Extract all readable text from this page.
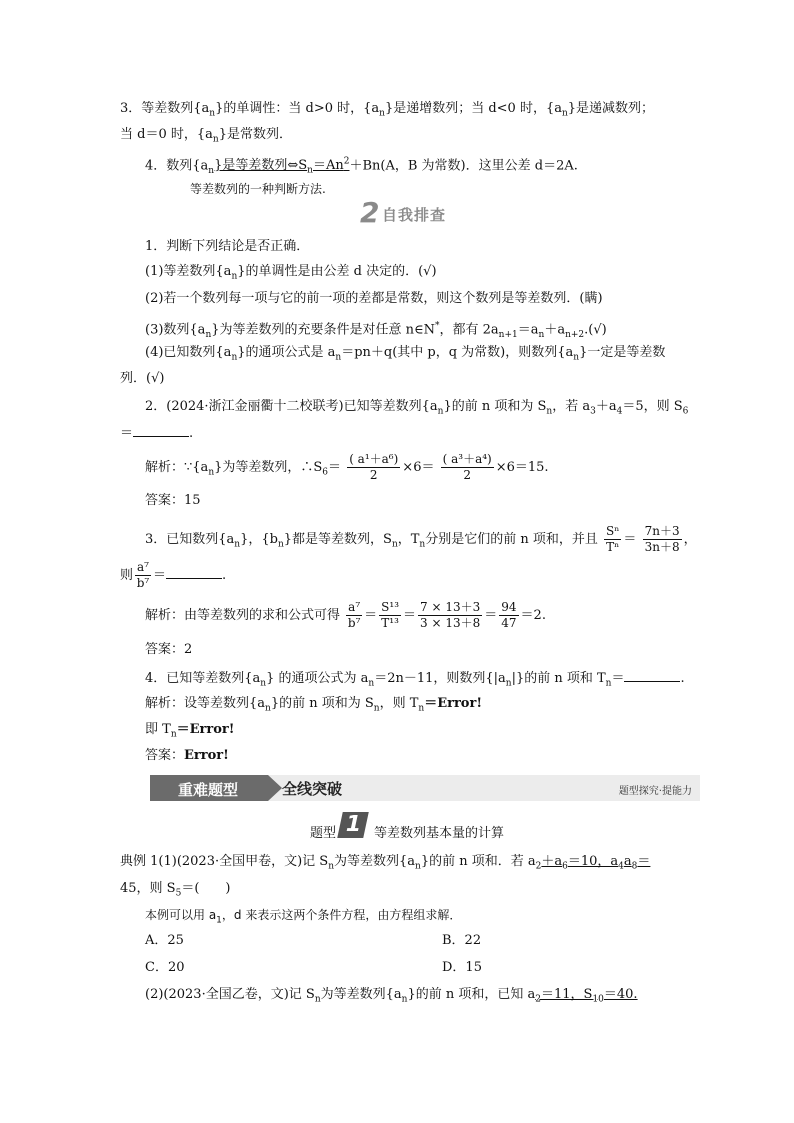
3．等差数列$\{a_n\}$的单调性：当 d>0 时，$\{a_n\}$是递增数列；当 d<0 时，$\{a_n\}$是递减数列；
当 d＝0 时，$\{a_n\}$是常数列．
4．数列$\{a_n\}$是等差数列$\Leftrightarrow S_n=An^2+Bn(A$，B 为常数)．这里公差 d＝2A.
等差数列的一种判断方法.
2 自我排查
1．判断下列结论是否正确．
(1)等差数列$\{a_n\}$的单调性是由公差 d 决定的．(√)
(2)若一个数列每一项与它的前一项的差都是常数，则这个数列是等差数列．(瞒)
(3)数列$\{a_n\}$为等差数列的充要条件是对任意 n∈N*，都有 $2a_{n+1}=a_n+a_{n+2}.(√)$
(4)已知数列$\{a_n\}$的通项公式是 $a_n=pn+q$(其中 p，q 为常数)，则数列$\{a_n\}$一定是等差数
列．(√)
2．(2024·浙江金丽衢十二校联考)已知等差数列$\{a_n\}$的前 n 项和为 $S_n$，若 $a_3+a_4=5$，则 $S_6$
＝	.
解析：$\because\{a_n\}$为等差数列，$\therefore S_6= \frac{\text{( a¹＋a⁶)}}{2} \times 6= \frac{\text{( a³＋a⁴)}}{2} \times 6=15$.
答案：15
3．已知数列$\{a_n\}$，$\{b_n\}$都是等差数列，$S_n$，$T_n$分别是它们的前 n 项和，并且 $\frac{\text{Sⁿ}}{\text{Tⁿ}} = \frac{7n+3}{3n+8}$ ，
则 $\frac{\text{a⁷}}{\text{b⁷}}$ ＝	.
解析：由等差数列的求和公式可得 $\frac{\text{a⁷}}{\text{b⁷}} = \frac{\text{S¹³}}{\text{T¹³}} = \frac{7 \times 13+3}{3 \times 13+8} = \frac{94}{47} =2$.
答案：2
4．已知等差数列$\{a_n\}$ 的通项公式为 $a_n=2n-11$，则数列$\{|a_n|\}$的前 n 项和 $T_n=$	.
解析：设等差数列$\{a_n\}$的前 n 项和为 $S_n$，则 $T_n=Error$!
即 $T_n=Error$!
答案：Error!
全线突破	题型探究·提能力
重难题型
题型 1 等差数列基本量的计算
典例 1(1)(2023·全国甲卷，文)记 $S_n$为等差数列$\{a_n\}$的前 n 项和．若 $a_2+a_6=10$，$a_4a_8=$
45，则 $S_5=$(　　)
本例可以用 $a_1$，d 来表示这两个条件方程，由方程组求解．
A．25	B．22
C．20	D．15
(2)(2023·全国乙卷，文)记 $S_n$为等差数列$\{a_n\}$的前 n 项和，已知 $a_2=11$，$S_{10}=40$.
